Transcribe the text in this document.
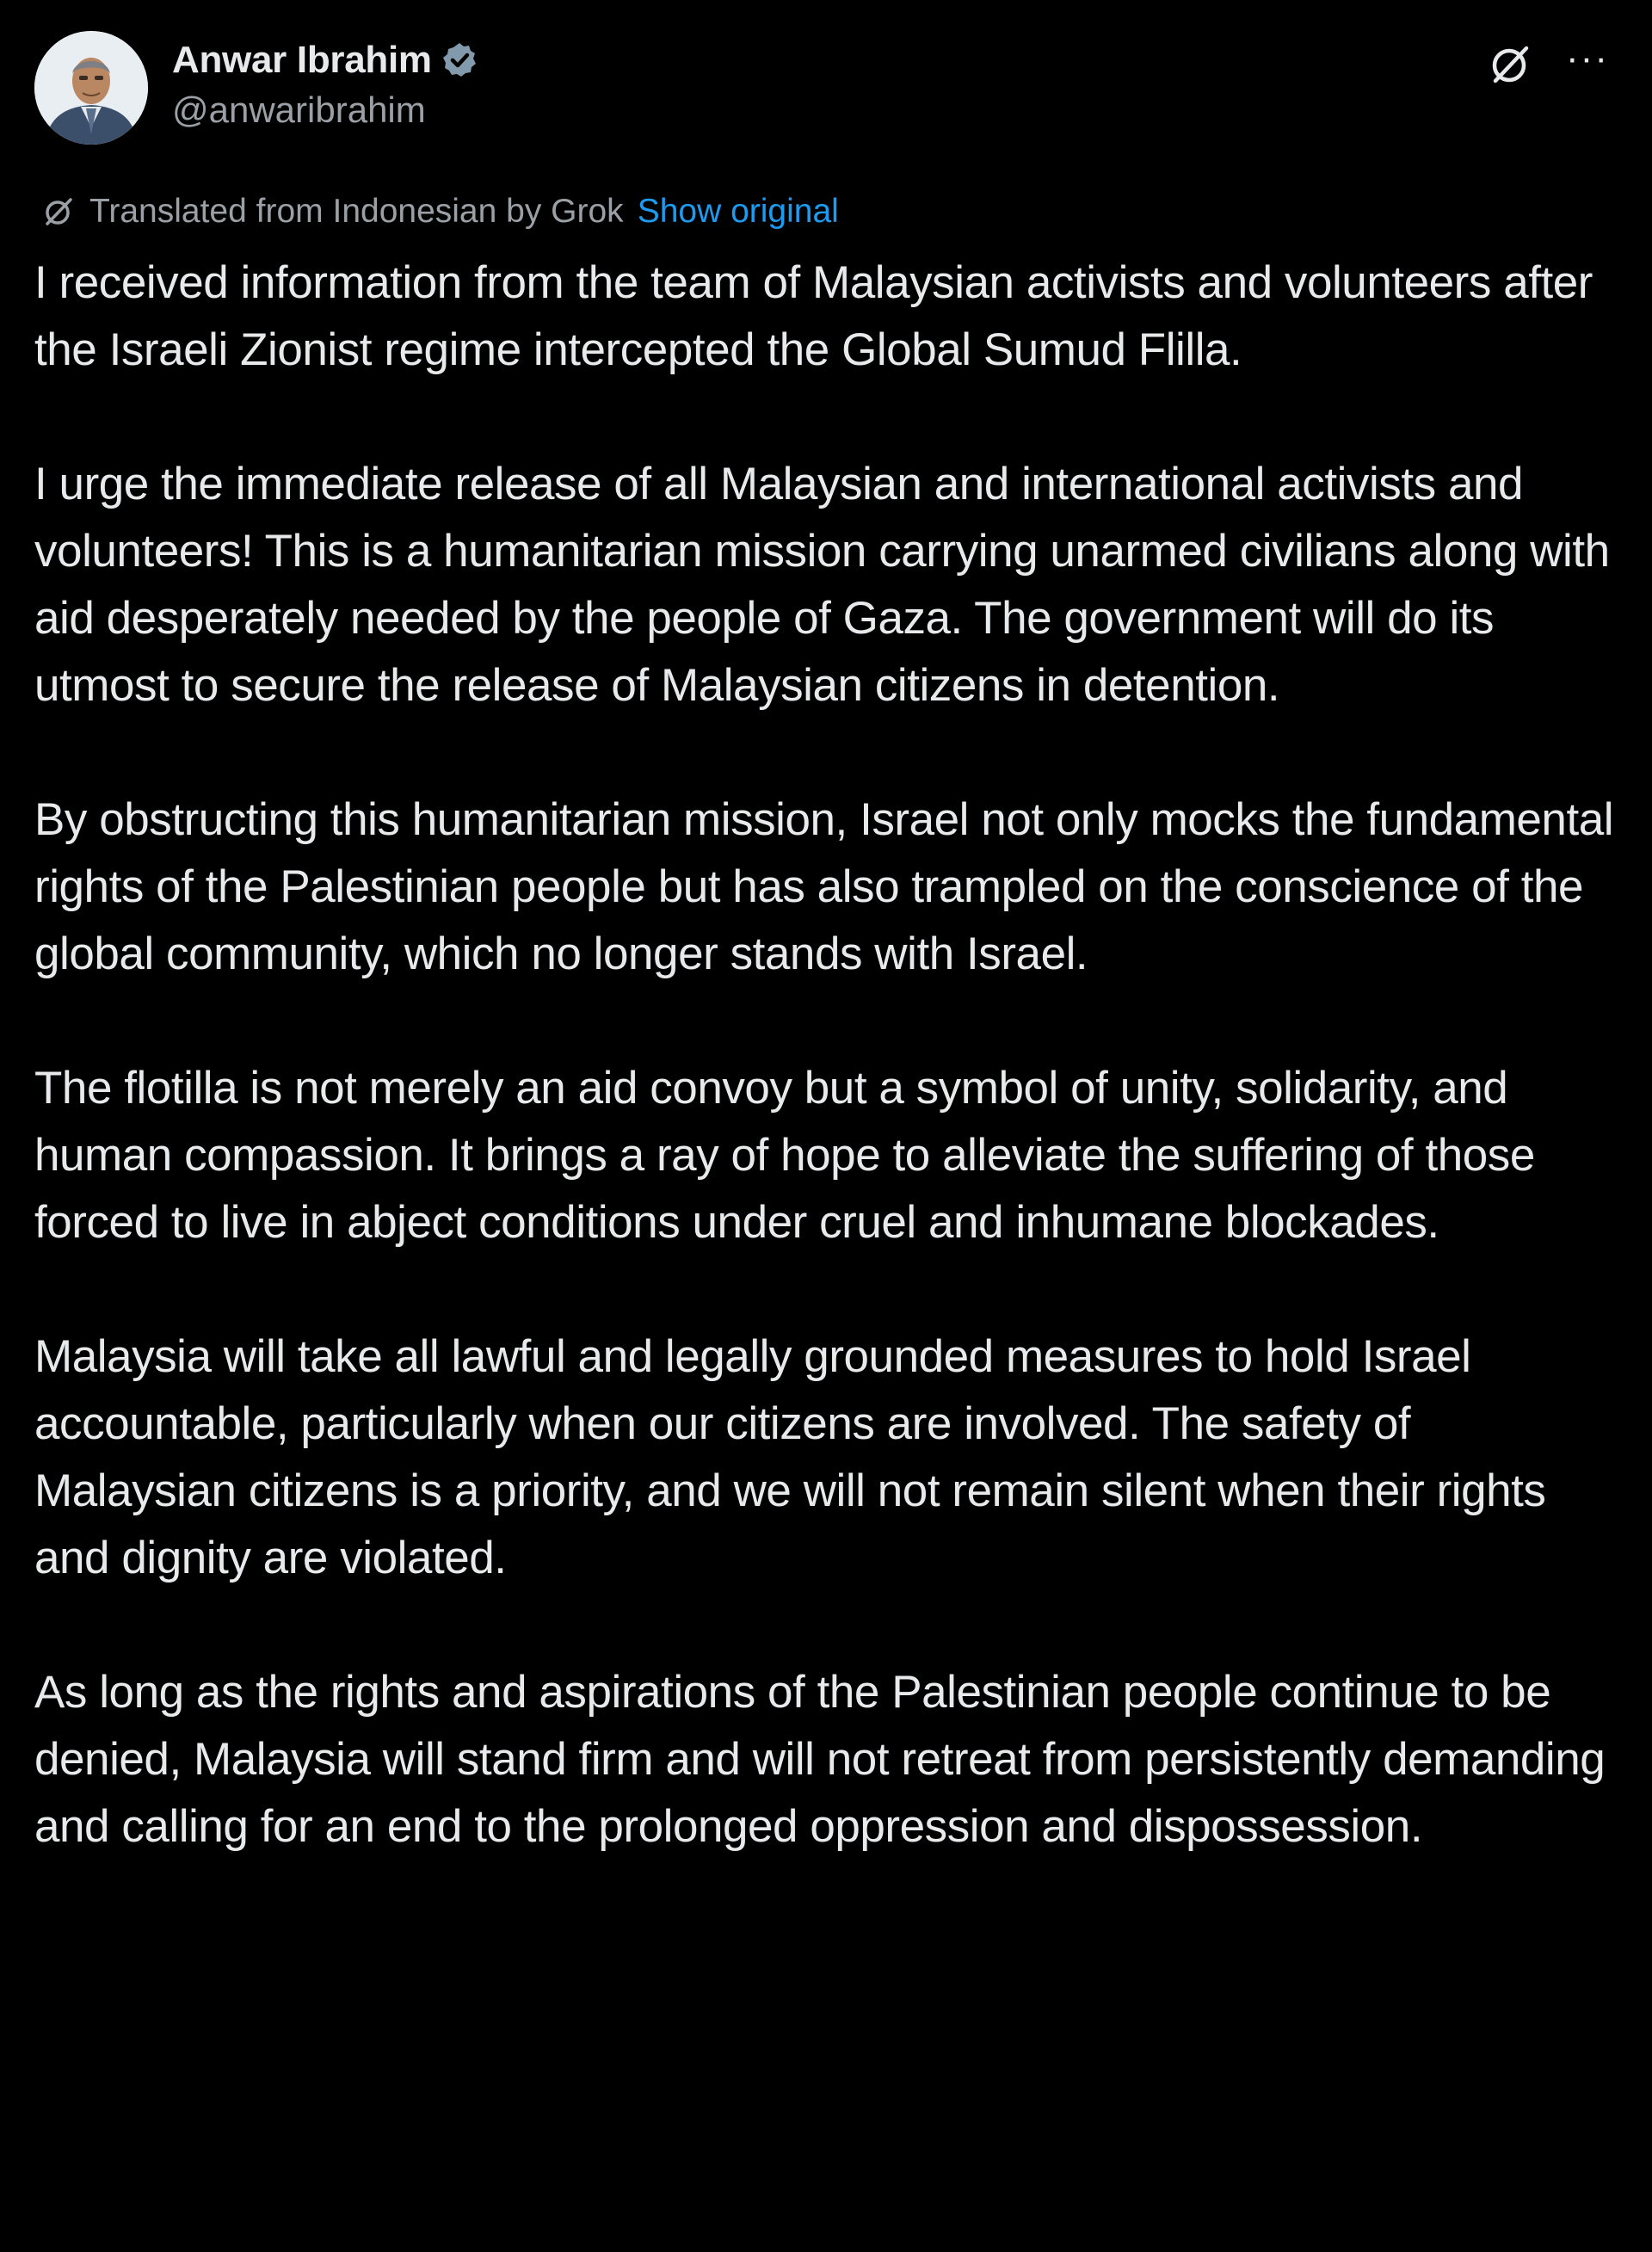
Anwar Ibrahim
@anwaribrahim
···
Translated from Indonesian by Grok Show original

I received information from the team of Malaysian activists and volunteers after the Israeli Zionist regime intercepted the Global Sumud Flilla.

I urge the immediate release of all Malaysian and international activists and volunteers! This is a humanitarian mission carrying unarmed civilians along with aid desperately needed by the people of Gaza. The government will do its utmost to secure the release of Malaysian citizens in detention.

By obstructing this humanitarian mission, Israel not only mocks the fundamental rights of the Palestinian people but has also trampled on the conscience of the global community, which no longer stands with Israel.

The flotilla is not merely an aid convoy but a symbol of unity, solidarity, and human compassion. It brings a ray of hope to alleviate the suffering of those forced to live in abject conditions under cruel and inhumane blockades.

Malaysia will take all lawful and legally grounded measures to hold Israel accountable, particularly when our citizens are involved. The safety of Malaysian citizens is a priority, and we will not remain silent when their rights and dignity are violated.

As long as the rights and aspirations of the Palestinian people continue to be denied, Malaysia will stand firm and will not retreat from persistently demanding and calling for an end to the prolonged oppression and dispossession.
